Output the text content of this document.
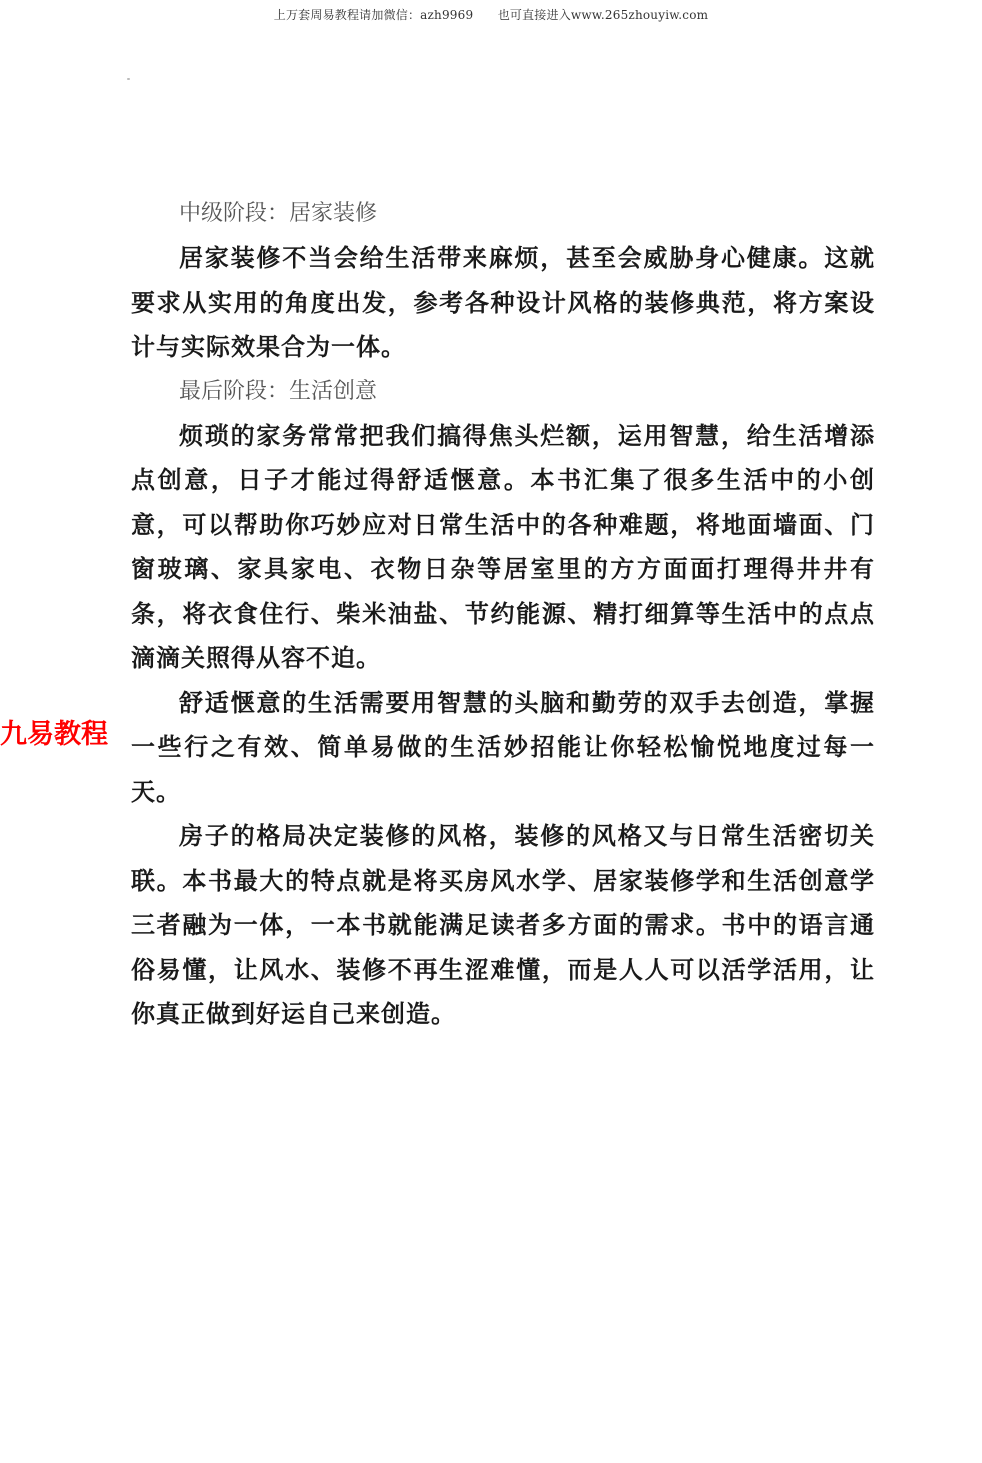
上万套周易教程请加微信：azh9969　　也可直接进入www.265zhouyiw.com
中级阶段：居家装修

居家装修不当会给生活带来麻烦，甚至会威胁身心健康。这就要求从实用的角度出发，参考各种设计风格的装修典范，将方案设计与实际效果合为一体。

最后阶段：生活创意

烦琐的家务常常把我们搞得焦头烂额，运用智慧，给生活增添点创意，日子才能过得舒适惬意。本书汇集了很多生活中的小创意，可以帮助你巧妙应对日常生活中的各种难题，将地面墙面、门窗玻璃、家具家电、衣物日杂等居室里的方方面面打理得井井有条，将衣食住行、柴米油盐、节约能源、精打细算等生活中的点点滴滴关照得从容不迫。

舒适惬意的生活需要用智慧的头脑和勤劳的双手去创造，掌握一些行之有效、简单易做的生活妙招能让你轻松愉悦地度过每一天。

房子的格局决定装修的风格，装修的风格又与日常生活密切关联。本书最大的特点就是将买房风水学、居家装修学和生活创意学三者融为一体，一本书就能满足读者多方面的需求。书中的语言通俗易懂，让风水、装修不再生涩难懂，而是人人可以活学活用，让你真正做到好运自己来创造。

九易教程
